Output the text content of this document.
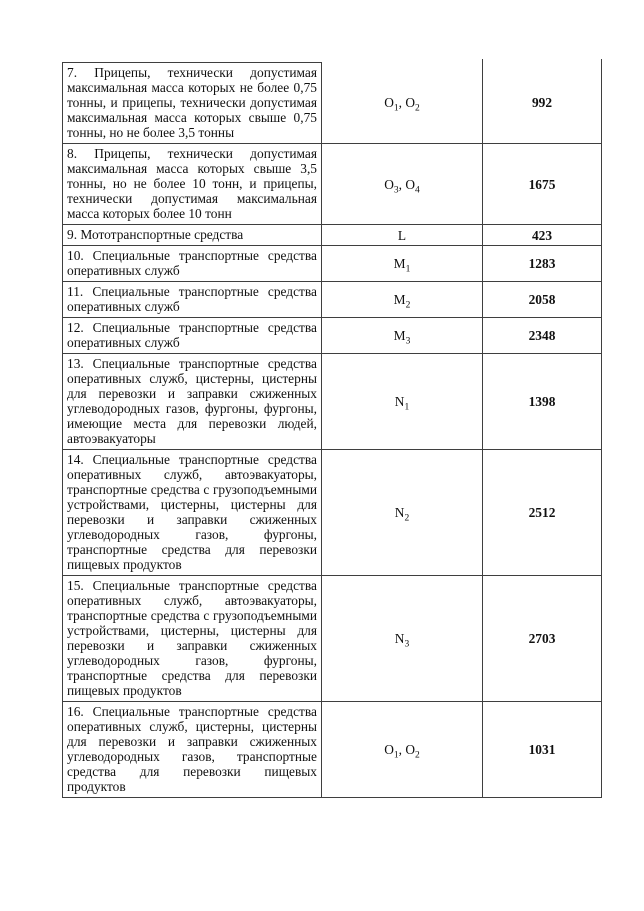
7. Прицепы, технически допустимая максимальная масса которых не более 0,75 тонны, и прицепы, технически допустимая максимальная масса которых свыше 0,75 тонны, но не более 3,5 тонны	$O_1$, $O_2$	992
8. Прицепы, технически допустимая максимальная масса которых свыше 3,5 тонны, но не более 10 тонн, и прицепы, технически допустимая максимальная масса которых более 10 тонн	$O_3$, $O_4$	1675
9. Мототранспортные средства	L	423
10. Специальные транспортные средства оперативных служб	$M_1$	1283
11. Специальные транспортные средства оперативных служб	$M_2$	2058
12. Специальные транспортные средства оперативных служб	$M_3$	2348
13. Специальные транспортные средства оперативных служб, цистерны, цистерны для перевозки и заправки сжиженных углеводородных газов, фургоны, фургоны, имеющие места для перевозки людей, автоэвакуаторы	$N_1$	1398
14. Специальные транспортные средства оперативных служб, автоэвакуаторы, транспортные средства с грузоподъемными устройствами, цистерны, цистерны для перевозки и заправки сжиженных углеводородных газов, фургоны, транспортные средства для перевозки пищевых продуктов	$N_2$	2512
15. Специальные транспортные средства оперативных служб, автоэвакуаторы, транспортные средства с грузоподъемными устройствами, цистерны, цистерны для перевозки и заправки сжиженных углеводородных газов, фургоны, транспортные средства для перевозки пищевых продуктов	$N_3$	2703
16. Специальные транспортные средства оперативных служб, цистерны, цистерны для перевозки и заправки сжиженных углеводородных газов, транспортные средства для перевозки пищевых продуктов	$O_1$, $O_2$	1031
